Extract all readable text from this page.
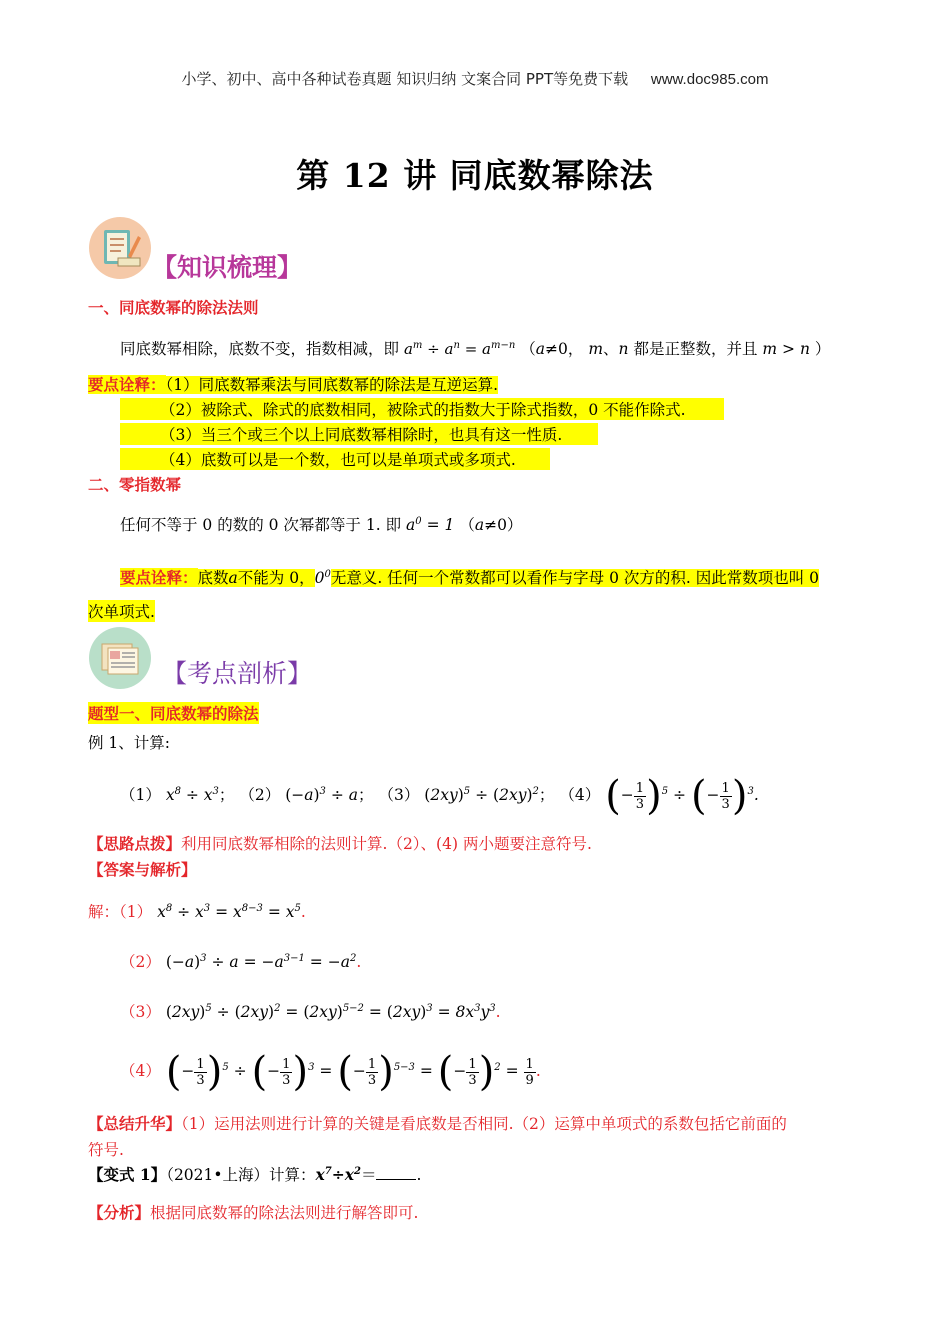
小学、初中、高中各种试卷真题 知识归纳 文案合同 PPT等免费下载 www.doc985.com
第 12 讲 同底数幂除法
【知识梳理】
一、同底数幂的除法法则
同底数幂相除，底数不变，指数相减，即 $a^m \div a^n = a^{m-n}$ （a≠0， m、n 都是正整数，并且 m > n ）
要点诠释：（1）同底数幂乘法与同底数幂的除法是互逆运算.
（2）被除式、除式的底数相同，被除式的指数大于除式指数，0 不能作除式.
（3）当三个或三个以上同底数幂相除时，也具有这一性质.
（4）底数可以是一个数，也可以是单项式或多项式.
二、零指数幂
任何不等于 0 的数的 0 次幂都等于 1. 即 $a^0 = 1$ （a≠0）
要点诠释：底数a不能为 0，$0^0$无意义. 任何一个常数都可以看作与字母 0 次方的积. 因此常数项也叫 0
次单项式.
【考点剖析】
题型一、同底数幂的除法
例 1、计算:
（1） $x^8 \div x^3$； （2） $(-a)^3 \div a$； （3） $(2xy)^5 \div (2xy)^2$； （4） (− $\frac{1}{3} )^5$ ÷ (− $\frac{1}{3} )^3$.
【思路点拨】利用同底数幂相除的法则计算.（2）、(4) 两小题要注意符号.
【答案与解析】
解：（1） $x^8 \div x^3 = x^{8-3} = x^5$.
（2） $(-a)^3 \div a = -a^{3-1} = -a^2$.
（3） $(2xy)^5 \div (2xy)^2 = (2xy)^{5-2} = (2xy)^3 = 8x^3y^3$.
（4） (− $\frac{1}{3} )^5$ ÷ (− $\frac{1}{3} )^3$ = (− $\frac{1}{3} )^{5-3}$ = (− $\frac{1}{3} )^2 = \frac{1}{9}$ .
【总结升华】（1）运用法则进行计算的关键是看底数是否相同.（2）运算中单项式的系数包括它前面的
符号.
【变式 1】（2021•上海）计算：$x^7\div x^2=$	.
【分析】根据同底数幂的除法法则进行解答即可.
